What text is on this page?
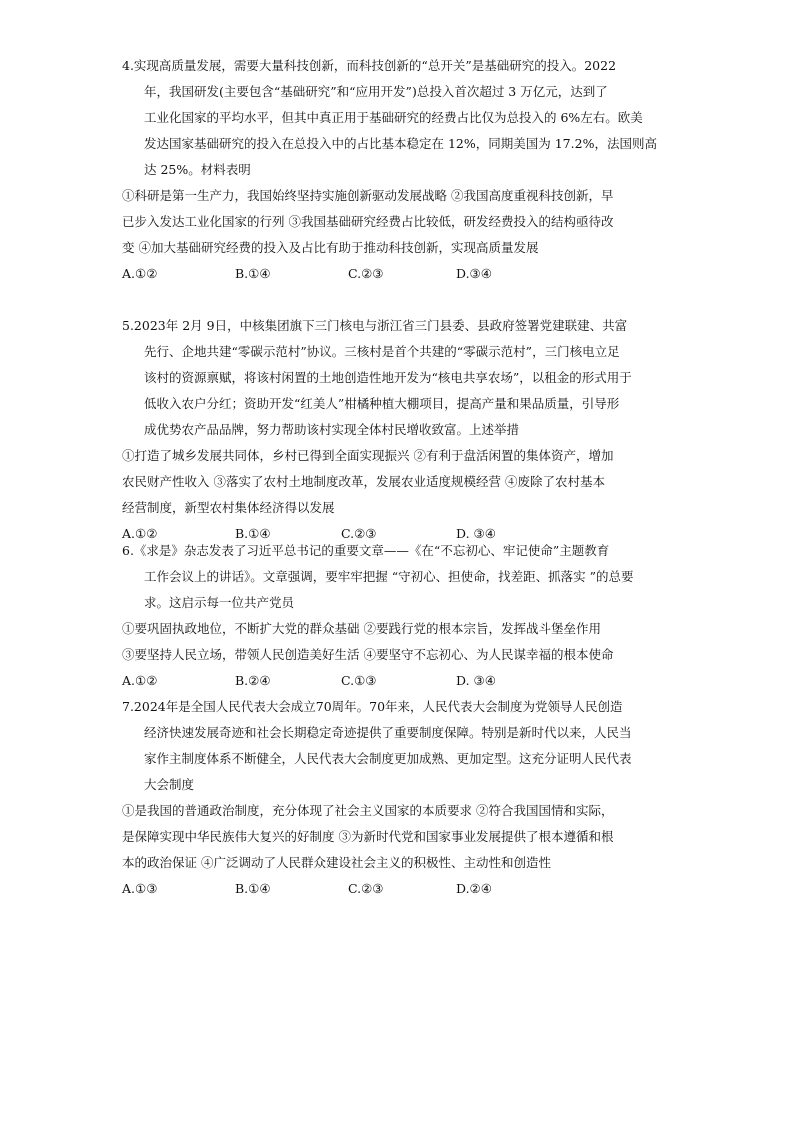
4.实现高质量发展，需要大量科技创新，而科技创新的“总开关”是基础研究的投入。2022
年，我国研发(主要包含“基础研究”和“应用开发”)总投入首次超过 3 万亿元，达到了
工业化国家的平均水平，但其中真正用于基础研究的经费占比仅为总投入的 6%左右。欧美
发达国家基础研究的投入在总投入中的占比基本稳定在 12%，同期美国为 17.2%，法国则高
达 25%。材料表明
①科研是第一生产力，我国始终坚持实施创新驱动发展战略 ②我国高度重视科技创新，早
已步入发达工业化国家的行列 ③我国基础研究经费占比较低，研发经费投入的结构亟待改
变 ④加大基础研究经费的投入及占比有助于推动科技创新，实现高质量发展
A.①②	B.①④	C.②③	D.③④
5.2023年 2月 9日，中核集团旗下三门核电与浙江省三门县委、县政府签署党建联建、共富
先行、企地共建“零碳示范村”协议。三核村是首个共建的“零碳示范村”，三门核电立足
该村的资源禀赋，将该村闲置的土地创造性地开发为“核电共享农场”，以租金的形式用于
低收入农户分红；资助开发“红美人”柑橘种植大棚项目，提高产量和果品质量，引导形
成优势农产品品牌，努力帮助该村实现全体村民增收致富。上述举措
①打造了城乡发展共同体，乡村已得到全面实现振兴 ②有利于盘活闲置的集体资产，增加
农民财产性收入 ③落实了农村土地制度改革，发展农业适度规模经营 ④废除了农村基本
经营制度，新型农村集体经济得以发展
A.①②	B.①④	C.②③	D. ③④
6.《求是》杂志发表了习近平总书记的重要文章——《在“不忘初心、牢记使命”主题教育
工作会议上的讲话》。文章强调，要牢牢把握 “守初心、担使命，找差距、抓落实 ”的总要
求。这启示每一位共产党员
①要巩固执政地位，不断扩大党的群众基础 ②要践行党的根本宗旨，发挥战斗堡垒作用
③要坚持人民立场，带领人民创造美好生活 ④要坚守不忘初心、为人民谋幸福的根本使命
A.①②	B.②④	C.①③	D. ③④
7.2024年是全国人民代表大会成立70周年。70年来，人民代表大会制度为党领导人民创造
经济快速发展奇迹和社会长期稳定奇迹提供了重要制度保障。特别是新时代以来，人民当
家作主制度体系不断健全，人民代表大会制度更加成熟、更加定型。这充分证明人民代表
大会制度
①是我国的普通政治制度，充分体现了社会主义国家的本质要求 ②符合我国国情和实际，
是保障实现中华民族伟大复兴的好制度 ③为新时代党和国家事业发展提供了根本遵循和根
本的政治保证 ④广泛调动了人民群众建设社会主义的积极性、主动性和创造性
A.①③	B.①④	C.②③	D.②④
